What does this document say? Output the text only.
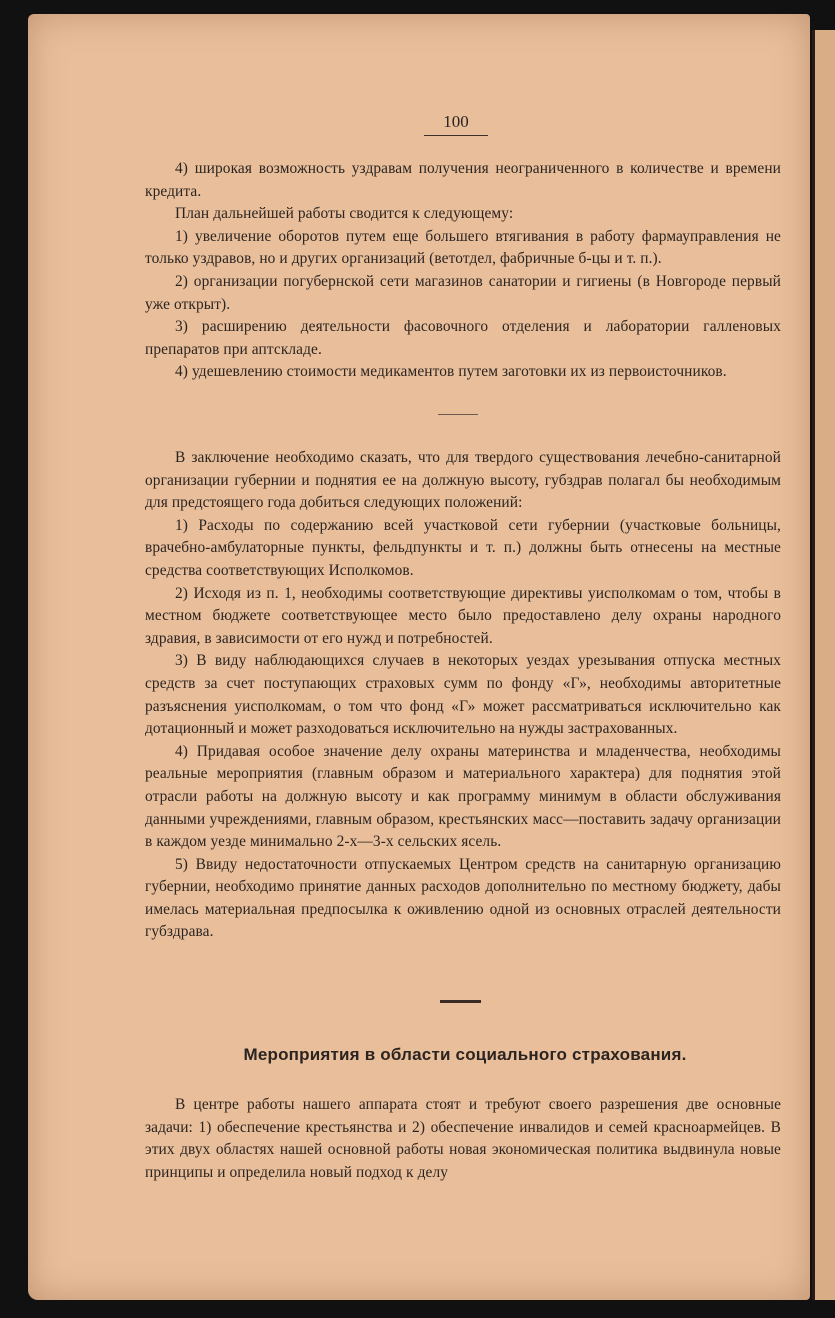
100

4) широкая возможность уздравам получения неограниченного в количестве и времени кредита.

План дальнейшей работы сводится к следующему:

1) увеличение оборотов путем еще большего втягивания в работу фармауправления не только уздравов, но и других организаций (ветотдел, фабричные б-цы и т. п.).

2) организации погубернской сети магазинов санатории и гигиены (в Новгороде первый уже открыт).

3) расширению деятельности фасовочного отделения и лаборатории галленовых препаратов при аптскладе.

4) удешевлению стоимости медикаментов путем заготовки их из первоисточников.

В заключение необходимо сказать, что для твердого существования лечебно-санитарной организации губернии и поднятия ее на должную высоту, губздрав полагал бы необходимым для предстоящего года добиться следующих положений:

1) Расходы по содержанию всей участковой сети губернии (участковые больницы, врачебно-амбулаторные пункты, фельдпункты и т. п.) должны быть отнесены на местные средства соответствующих Исполкомов.

2) Исходя из п. 1, необходимы соответствующие директивы уисполкомам о том, чтобы в местном бюджете соответствующее место было предоставлено делу охраны народного здравия, в зависимости от его нужд и потребностей.

3) В виду наблюдающихся случаев в некоторых уездах урезывания отпуска местных средств за счет поступающих страховых сумм по фонду «Г», необходимы авторитетные разъяснения уисполкомам, о том что фонд «Г» может рассматриваться исключительно как дотационный и может разходоваться исключительно на нужды застрахованных.

4) Придавая особое значение делу охраны материнства и младенчества, необходимы реальные мероприятия (главным образом и материального характера) для поднятия этой отрасли работы на должную высоту и как программу минимум в области обслуживания данными учреждениями, главным образом, крестьянских масс—поставить задачу организации в каждом уезде минимально 2-х—3-х сельских ясель.

5) Ввиду недостаточности отпускаемых Центром средств на санитарную организацию губернии, необходимо принятие данных расходов дополнительно по местному бюджету, дабы имелась материальная предпосылка к оживлению одной из основных отраслей деятельности губздрава.

Мероприятия в области социального страхования.

В центре работы нашего аппарата стоят и требуют своего разрешения две основные задачи: 1) обеспечение крестьянства и 2) обеспечение инвалидов и семей красноармейцев. В этих двух областях нашей основной работы новая экономическая политика выдвинула новые принципы и определила новый подход к делу
